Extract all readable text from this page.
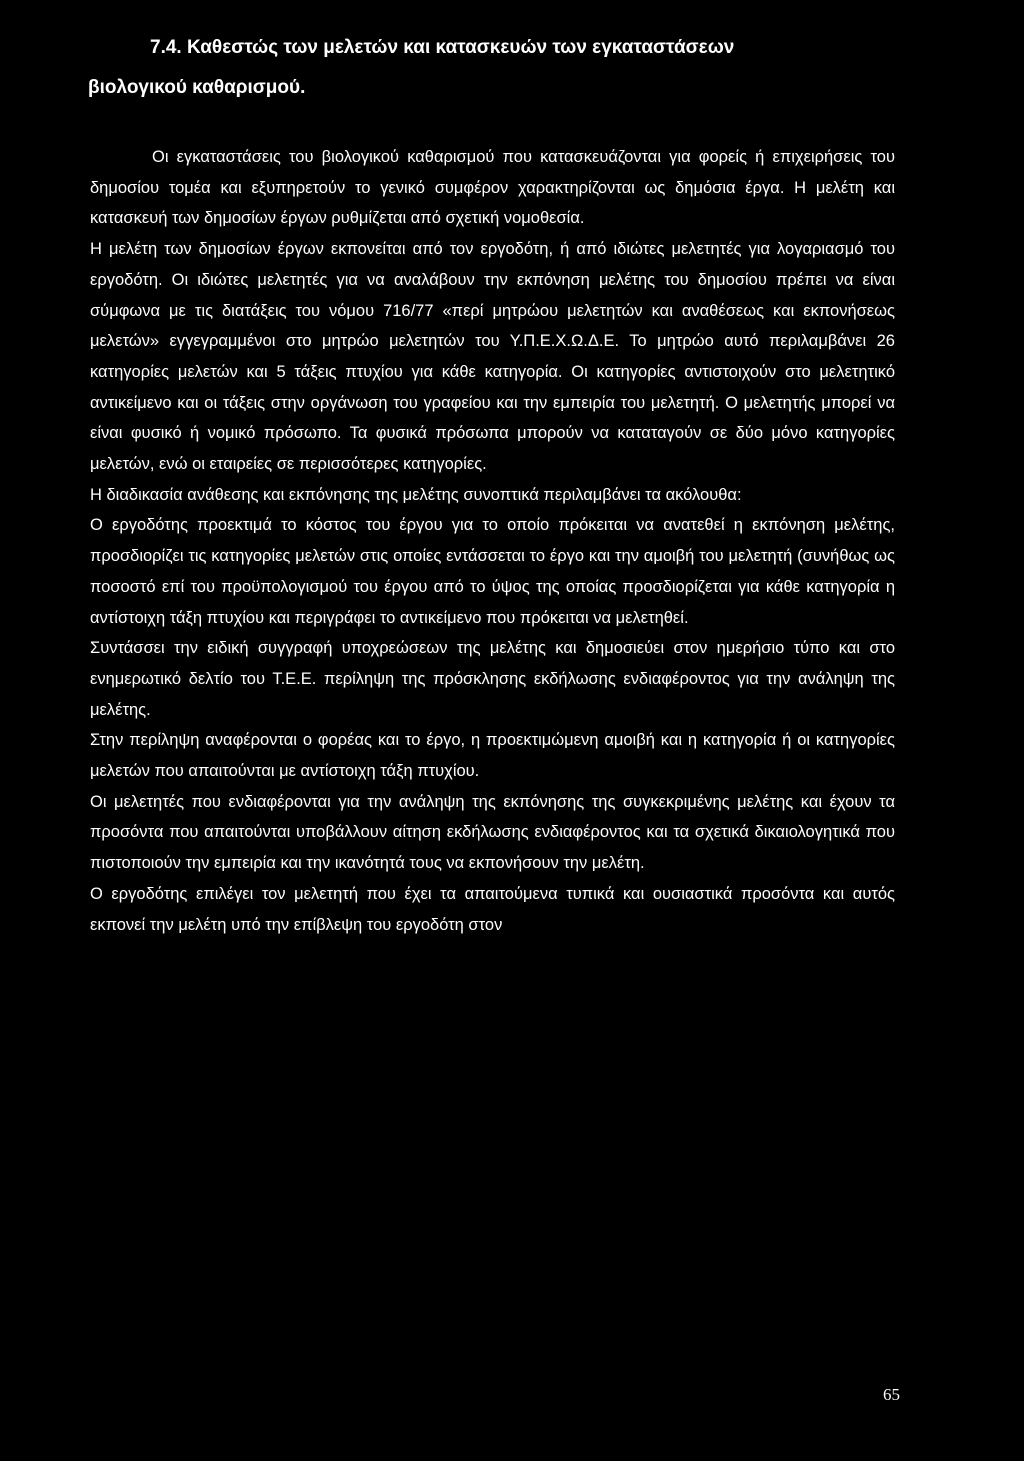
7.4. Καθεστώς των μελετών και κατασκευών των εγκαταστάσεων
βιολογικού καθαρισμού.

Οι εγκαταστάσεις του βιολογικού καθαρισμού που κατασκευάζονται για φορείς ή επιχειρήσεις του δημοσίου τομέα και εξυπηρετούν το γενικό συμφέρον χαρακτηρίζονται ως δημόσια έργα. Η μελέτη και κατασκευή των δημοσίων έργων ρυθμίζεται από σχετική νομοθεσία.

Η μελέτη των δημοσίων έργων εκπονείται από τον εργοδότη, ή από ιδιώτες μελετητές για λογαριασμό του εργοδότη. Οι ιδιώτες μελετητές για να αναλάβουν την εκπόνηση μελέτης του δημοσίου πρέπει να είναι σύμφωνα με τις διατάξεις του νόμου 716/77 «περί μητρώου μελετητών και αναθέσεως και εκπονήσεως μελετών» εγγεγραμμένοι στο μητρώο μελετητών του Υ.Π.Ε.Χ.Ω.Δ.Ε. Το μητρώο αυτό περιλαμβάνει 26 κατηγορίες μελετών και 5 τάξεις πτυχίου για κάθε κατηγορία. Οι κατηγορίες αντιστοιχούν στο μελετητικό αντικείμενο και οι τάξεις στην οργάνωση του γραφείου και την εμπειρία του μελετητή. Ο μελετητής μπορεί να είναι φυσικό ή νομικό πρόσωπο. Τα φυσικά πρόσωπα μπορούν να καταταγούν σε δύο μόνο κατηγορίες μελετών, ενώ οι εταιρείες σε περισσότερες κατηγορίες.

Η διαδικασία ανάθεσης και εκπόνησης της μελέτης συνοπτικά περιλαμβάνει τα ακόλουθα:

Ο εργοδότης προεκτιμά το κόστος του έργου για το οποίο πρόκειται να ανατεθεί η εκπόνηση μελέτης, προσδιορίζει τις κατηγορίες μελετών στις οποίες εντάσσεται το έργο και την αμοιβή του μελετητή (συνήθως ως ποσοστό επί του προϋπολογισμού του έργου από το ύψος της οποίας προσδιορίζεται για κάθε κατηγορία η αντίστοιχη τάξη πτυχίου και περιγράφει το αντικείμενο που πρόκειται να μελετηθεί.

Συντάσσει την ειδική συγγραφή υποχρεώσεων της μελέτης και δημοσιεύει στον ημερήσιο τύπο και στο ενημερωτικό δελτίο του Τ.Ε.Ε. περίληψη της πρόσκλησης εκδήλωσης ενδιαφέροντος για την ανάληψη της μελέτης.

Στην περίληψη αναφέρονται ο φορέας και το έργο, η προεκτιμώμενη αμοιβή και η κατηγορία ή οι κατηγορίες μελετών που απαιτούνται με αντίστοιχη τάξη πτυχίου.

Οι μελετητές που ενδιαφέρονται για την ανάληψη της εκπόνησης της συγκεκριμένης μελέτης και έχουν τα προσόντα που απαιτούνται υποβάλλουν αίτηση εκδήλωσης ενδιαφέροντος και τα σχετικά δικαιολογητικά που πιστοποιούν την εμπειρία και την ικανότητά τους να εκπονήσουν την μελέτη.

Ο εργοδότης επιλέγει τον μελετητή που έχει τα απαιτούμενα τυπικά και ουσιαστικά προσόντα και αυτός εκπονεί την μελέτη υπό την επίβλεψη του εργοδότη στον

65
